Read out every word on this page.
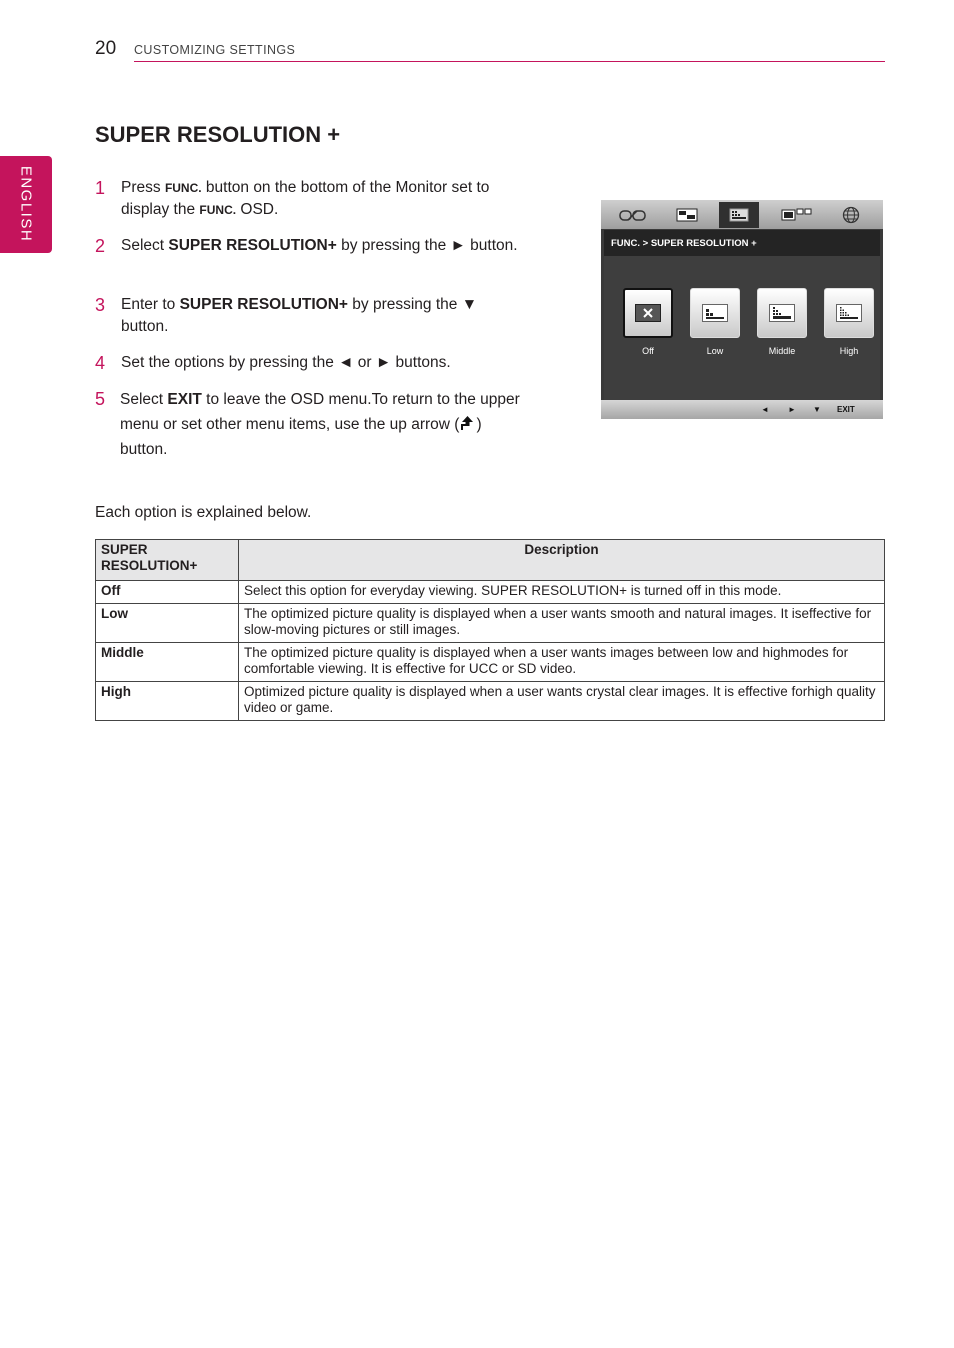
20 CUSTOMIZING SETTINGS
ENGLISH
SUPER RESOLUTION +
1 Press FUNC. button on the bottom of the Monitor set to display the FUNC. OSD.
2 Select SUPER RESOLUTION+ by pressing the ► button.
3 Enter to SUPER RESOLUTION+ by pressing the ▼ button.
4 Set the options by pressing the ◄ or ► buttons.
5 Select EXIT to leave the OSD menu.To return to the upper menu or set other menu items, use the up arrow ( ) button.
FUNC. > SUPER RESOLUTION +
Off	Low	Middle	High
◄ ► ▼ EXIT

Each option is explained below.

SUPER RESOLUTION+	Description
Off	Select this option for everyday viewing. SUPER RESOLUTION+ is turned off in this mode.
Low	The optimized picture quality is displayed when a user wants smooth and natural images. It iseffective for slow-moving pictures or still images.
Middle	The optimized picture quality is displayed when a user wants images between low and highmodes for comfortable viewing. It is effective for UCC or SD video.
High	Optimized picture quality is displayed when a user wants crystal clear images. It is effective forhigh quality video or game.
